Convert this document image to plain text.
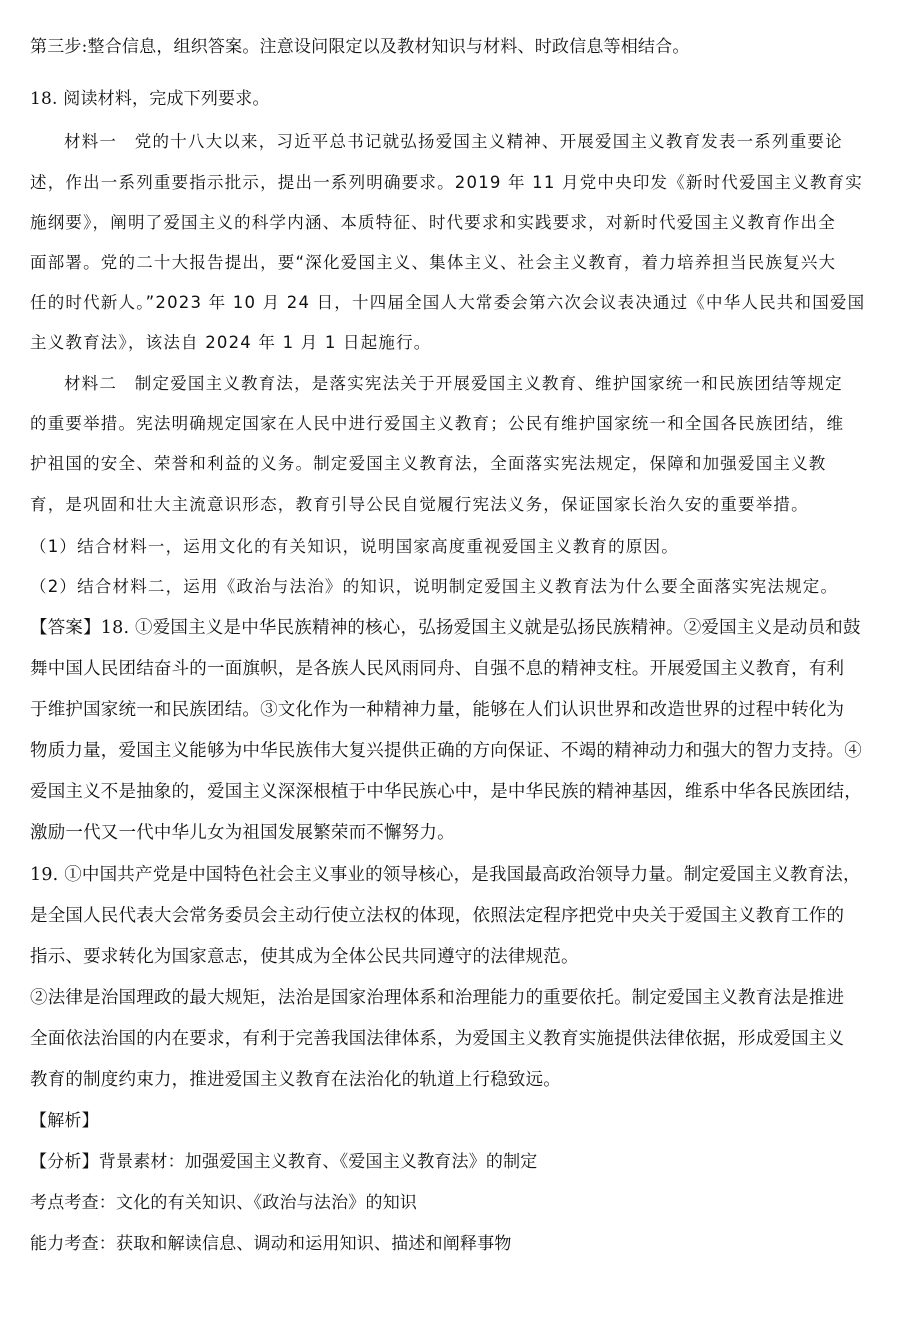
第三步:整合信息，组织答案。注意设问限定以及教材知识与材料、时政信息等相结合。
18. 阅读材料，完成下列要求。
材料一　党的十八大以来，习近平总书记就弘扬爱国主义精神、开展爱国主义教育发表一系列重要论
述，作出一系列重要指示批示，提出一系列明确要求。2019 年 11 月党中央印发《新时代爱国主义教育实
施纲要》，阐明了爱国主义的科学内涵、本质特征、时代要求和实践要求，对新时代爱国主义教育作出全
面部署。党的二十大报告提出，要“深化爱国主义、集体主义、社会主义教育，着力培养担当民族复兴大
任的时代新人。”2023 年 10 月 24 日，十四届全国人大常委会第六次会议表决通过《中华人民共和国爱国
主义教育法》，该法自 2024 年 1 月 1 日起施行。
材料二　制定爱国主义教育法，是落实宪法关于开展爱国主义教育、维护国家统一和民族团结等规定
的重要举措。宪法明确规定国家在人民中进行爱国主义教育；公民有维护国家统一和全国各民族团结，维
护祖国的安全、荣誉和利益的义务。制定爱国主义教育法，全面落实宪法规定，保障和加强爱国主义教
育，是巩固和壮大主流意识形态，教育引导公民自觉履行宪法义务，保证国家长治久安的重要举措。
（1）结合材料一，运用文化的有关知识，说明国家高度重视爱国主义教育的原因。
（2）结合材料二，运用《政治与法治》的知识，说明制定爱国主义教育法为什么要全面落实宪法规定。
【答案】18. ①爱国主义是中华民族精神的核心，弘扬爱国主义就是弘扬民族精神。②爱国主义是动员和鼓
舞中国人民团结奋斗的一面旗帜，是各族人民风雨同舟、自强不息的精神支柱。开展爱国主义教育，有利
于维护国家统一和民族团结。③文化作为一种精神力量，能够在人们认识世界和改造世界的过程中转化为
物质力量，爱国主义能够为中华民族伟大复兴提供正确的方向保证、不竭的精神动力和强大的智力支持。④
爱国主义不是抽象的，爱国主义深深根植于中华民族心中，是中华民族的精神基因，维系中华各民族团结，
激励一代又一代中华儿女为祖国发展繁荣而不懈努力。
19. ①中国共产党是中国特色社会主义事业的领导核心，是我国最高政治领导力量。制定爱国主义教育法，
是全国人民代表大会常务委员会主动行使立法权的体现，依照法定程序把党中央关于爱国主义教育工作的
指示、要求转化为国家意志，使其成为全体公民共同遵守的法律规范。
②法律是治国理政的最大规矩，法治是国家治理体系和治理能力的重要依托。制定爱国主义教育法是推进
全面依法治国的内在要求，有利于完善我国法律体系，为爱国主义教育实施提供法律依据，形成爱国主义
教育的制度约束力，推进爱国主义教育在法治化的轨道上行稳致远。
【解析】
【分析】背景素材：加强爱国主义教育、《爱国主义教育法》的制定
考点考查：文化的有关知识、《政治与法治》的知识
能力考查：获取和解读信息、调动和运用知识、描述和阐释事物
